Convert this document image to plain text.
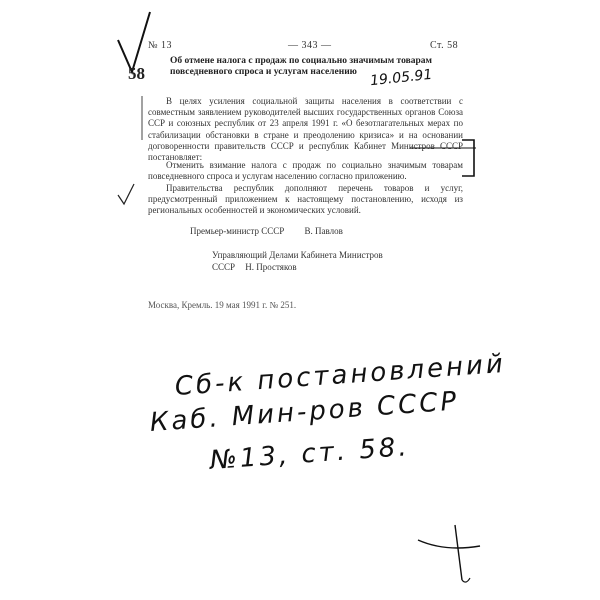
№ 13	— 343 —	Ст. 58
58
Об отмене налога с продаж по социально значимым товарам повседневного спроса и услугам населению 19.05.91
В целях усиления социальной защиты населения в соответствии с совместным заявлением руководителей высших государственных органов Союза ССР и союзных республик от 23 апреля 1991 г. «О безотлагательных мерах по стабилизации обстановки в стране и преодолению кризиса» и на основании договоренности правительств СССР и республик Кабинет Министров СССР постановляет:
Отменить взимание налога с продаж по социально значимым товарам повседневного спроса и услугам населению согласно приложению.
Правительства республик дополняют перечень товаров и услуг, предусмотренный приложением к настоящему постановлению, исходя из региональных особенностей и экономических условий.
Премьер-министр СССР В. Павлов
Управляющий Делами Кабинета Министров СССР Н. Простяков
Москва, Кремль. 19 мая 1991 г. № 251.
Сб-к постановлений
Каб. Мин-ров СССР
№13, ст. 58.
